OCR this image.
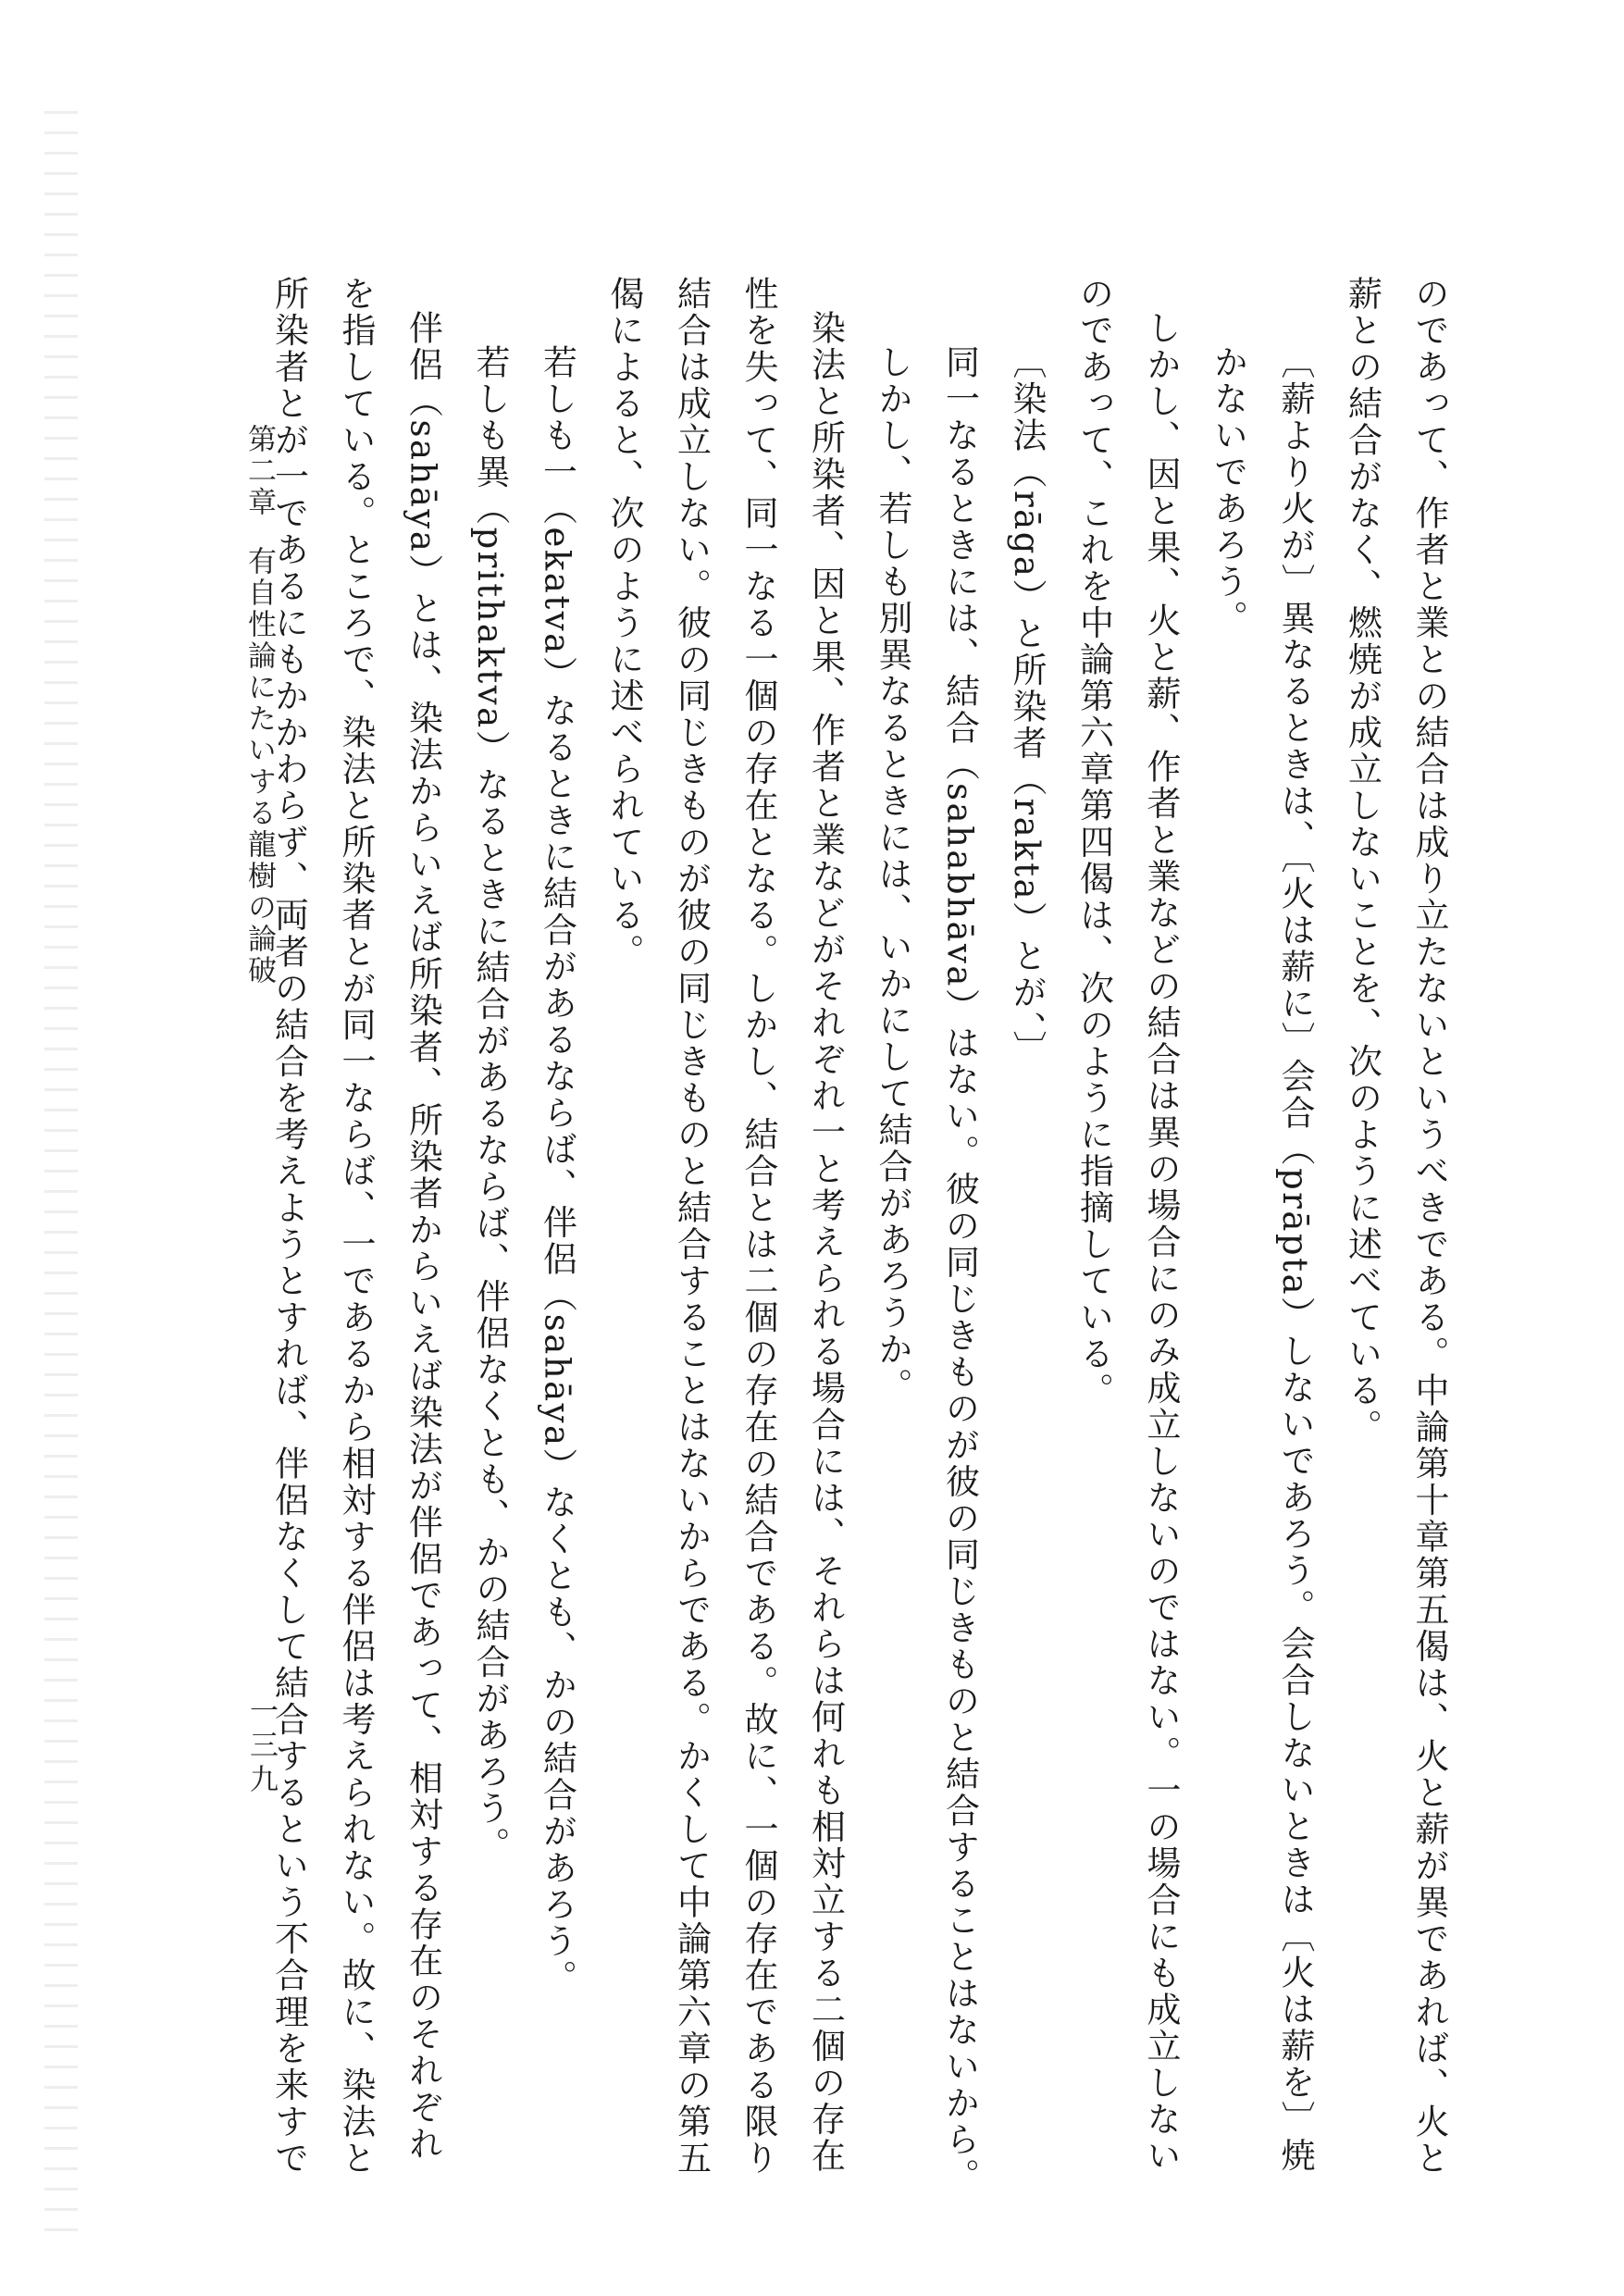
のであって、作者と業との結合は成り立たないというべきである。中論第十章第五偈は、火と薪が異であれば、火と

薪との結合がなく、燃焼が成立しないことを、次のように述べている。

〔薪より火が〕異なるときは、〔火は薪に〕会合（prāpta）しないであろう。会合しないときは〔火は薪を〕焼

かないであろう。

しかし、因と果、火と薪、作者と業などの結合は異の場合にのみ成立しないのではない。一の場合にも成立しない

のであって、これを中論第六章第四偈は、次のように指摘している。

〔染法（rāga）と所染者（rakta）とが、〕

同一なるときには、結合（sahabhāva）はない。彼の同じきものが彼の同じきものと結合することはないから。

しかし、若しも別異なるときには、いかにして結合があろうか。

染法と所染者、因と果、作者と業などがそれぞれ一と考えられる場合には、それらは何れも相対立する二個の存在

性を失って、同一なる一個の存在となる。しかし、結合とは二個の存在の結合である。故に、一個の存在である限り

結合は成立しない。彼の同じきものが彼の同じきものと結合することはないからである。かくして中論第六章の第五

偈によると、次のように述べられている。

若しも一（ekatva）なるときに結合があるならば、伴侶（sahāya）なくとも、かの結合があろう。

若しも異（prithaktva）なるときに結合があるならば、伴侶なくとも、かの結合があろう。

伴侶（sahāya）とは、染法からいえば所染者、所染者からいえば染法が伴侶であって、相対する存在のそれぞれ

を指している。ところで、染法と所染者とが同一ならば、一であるから相対する伴侶は考えられない。故に、染法と

所染者とが一であるにもかかわらず、両者の結合を考えようとすれば、伴侶なくして結合するという不合理を来すで

第二章有自性論にたいする龍樹の論破
一三九
